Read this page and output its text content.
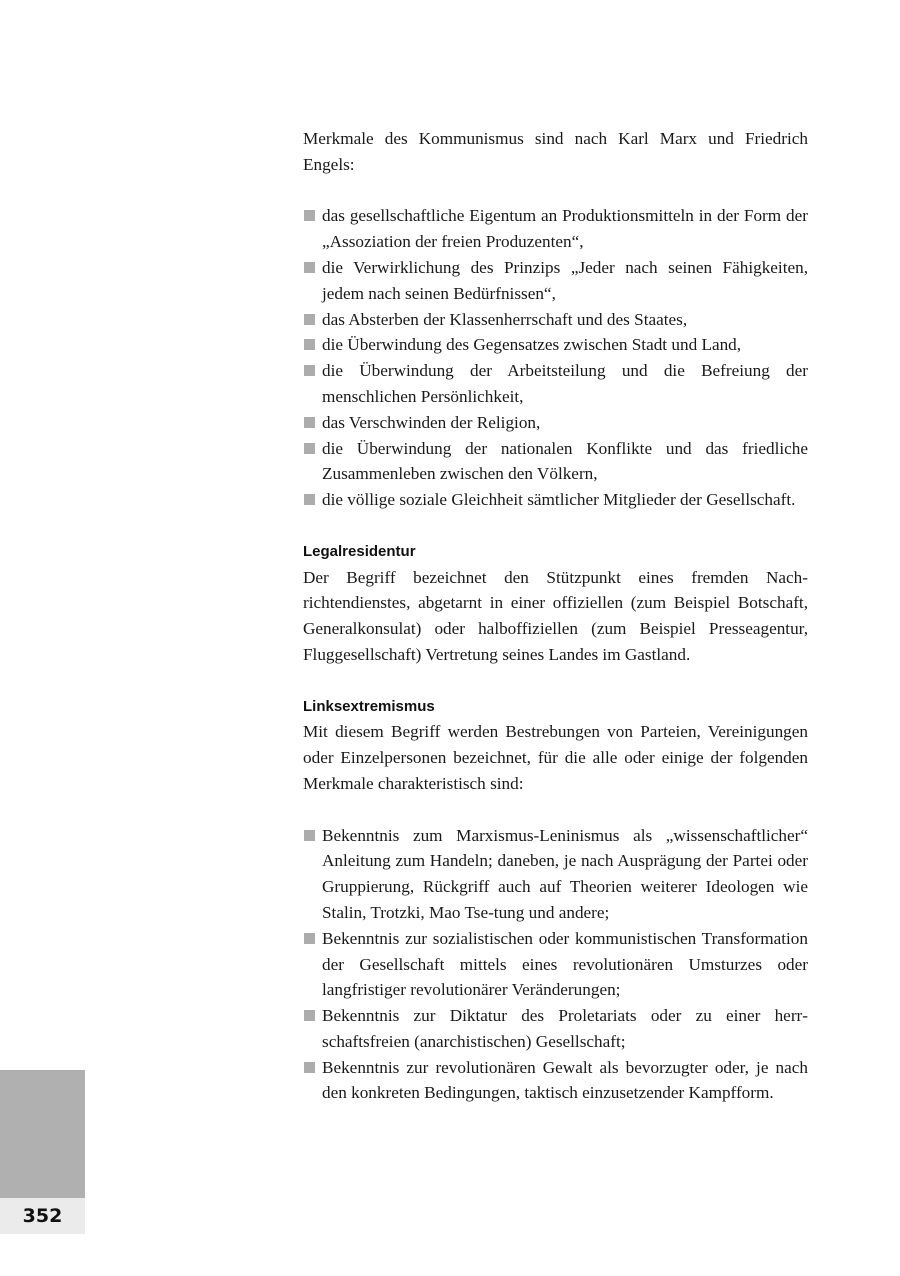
Merkmale des Kommunismus sind nach Karl Marx und Friedrich Engels:

das gesellschaftliche Eigentum an Produktionsmitteln in der Form der „Assoziation der freien Produzenten“,
die Verwirklichung des Prinzips „Jeder nach seinen Fähigkeiten, jedem nach seinen Bedürfnissen“,
das Absterben der Klassenherrschaft und des Staates,
die Überwindung des Gegensatzes zwischen Stadt und Land,
die Überwindung der Arbeitsteilung und die Befreiung der menschlichen Persönlichkeit,
das Verschwinden der Religion,
die Überwindung der nationalen Konflikte und das friedliche Zusammenleben zwischen den Völkern,
die völlige soziale Gleichheit sämtlicher Mitglieder der Gesellschaft.
Legalresidentur

Der Begriff bezeichnet den Stützpunkt eines fremden Nachrichtendienstes, abgetarnt in einer offiziellen (zum Beispiel Botschaft, Generalkonsulat) oder halboffiziellen (zum Beispiel Presseagentur, Fluggesellschaft) Vertretung seines Landes im Gastland.

Linksextremismus

Mit diesem Begriff werden Bestrebungen von Parteien, Vereinigungen oder Einzelpersonen bezeichnet, für die alle oder einige der folgenden Merkmale charakteristisch sind:

Bekenntnis zum Marxismus-Leninismus als „wissenschaftlicher“ Anleitung zum Handeln; daneben, je nach Ausprägung der Partei oder Gruppierung, Rückgriff auch auf Theorien weiterer Ideologen wie Stalin, Trotzki, Mao Tse-tung und andere;
Bekenntnis zur sozialistischen oder kommunistischen Transformation der Gesellschaft mittels eines revolutionären Umsturzes oder langfristiger revolutionärer Veränderungen;
Bekenntnis zur Diktatur des Proletariats oder zu einer herrschaftsfreien (anarchistischen) Gesellschaft;
Bekenntnis zur revolutionären Gewalt als bevorzugter oder, je nach den konkreten Bedingungen, taktisch einzusetzender Kampfform.
352
